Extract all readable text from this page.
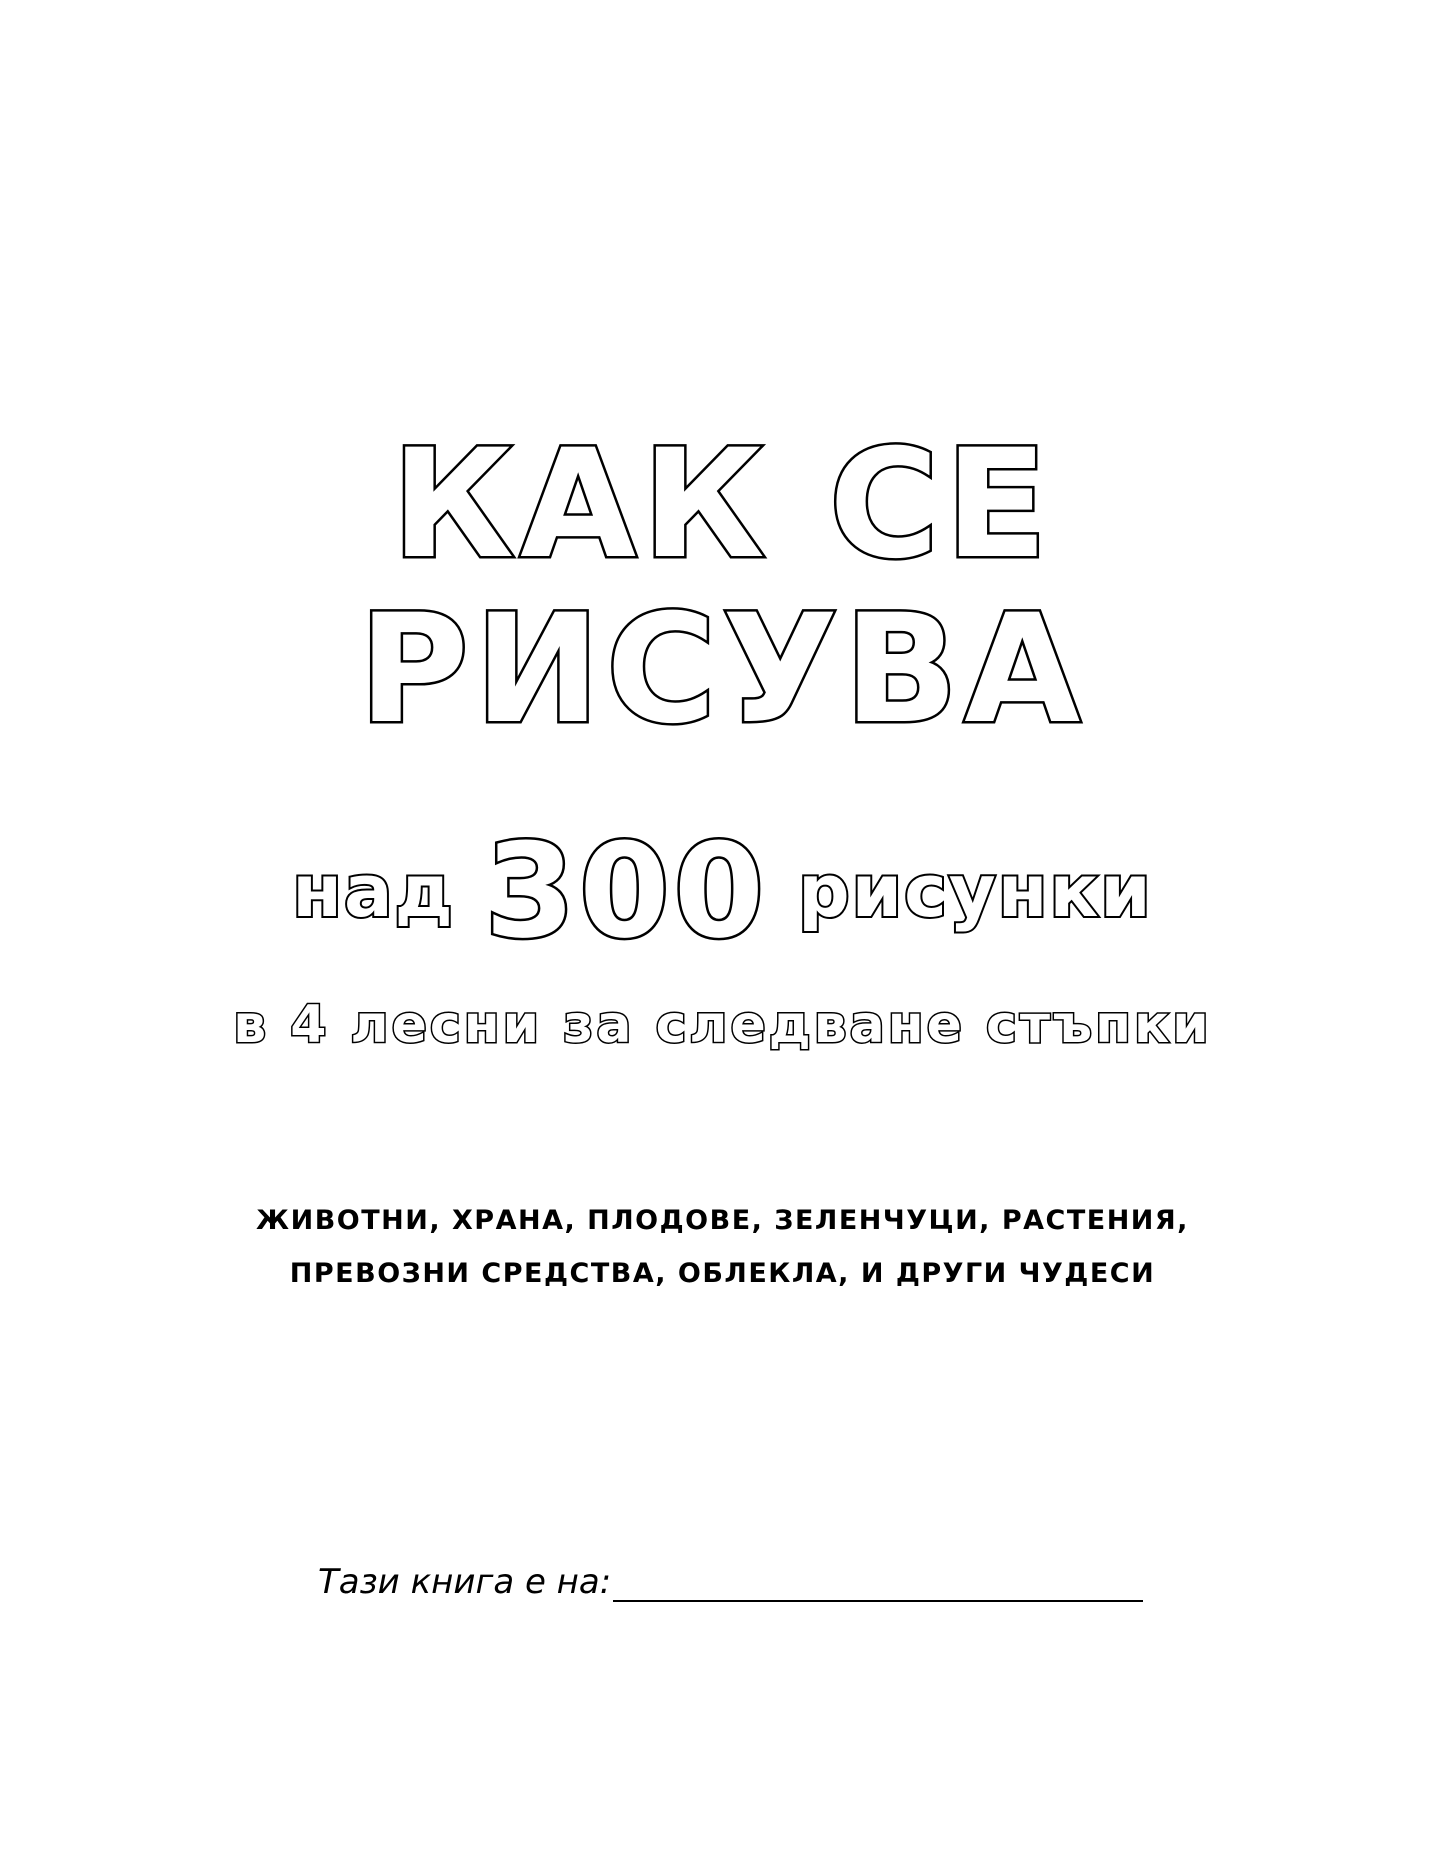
КАК СЕ
РИСУВА
над 300 рисунки
в 4 лесни за следване стъпки
ЖИВОТНИ, ХРАНА, ПЛОДОВЕ, ЗЕЛЕНЧУЦИ, РАСТЕНИЯ,
ПРЕВОЗНИ СРЕДСТВА, ОБЛЕКЛА, И ДРУГИ ЧУДЕСИ
Тази книга е на:
